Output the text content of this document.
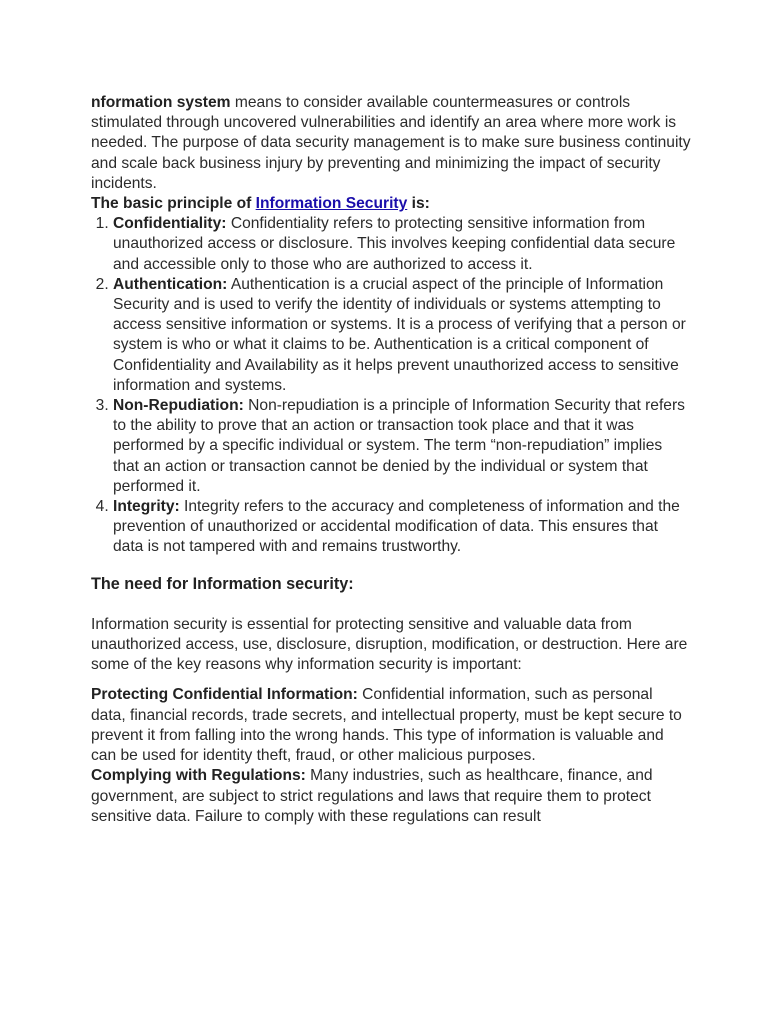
nformation system means to consider available countermeasures or controls stimulated through uncovered vulnerabilities and identify an area where more work is needed. The purpose of data security management is to make sure business continuity and scale back business injury by preventing and minimizing the impact of security incidents.

The basic principle of Information Security is:

1. Confidentiality: Confidentiality refers to protecting sensitive information from unauthorized access or disclosure. This involves keeping confidential data secure and accessible only to those who are authorized to access it.
2. Authentication: Authentication is a crucial aspect of the principle of Information Security and is used to verify the identity of individuals or systems attempting to access sensitive information or systems. It is a process of verifying that a person or system is who or what it claims to be. Authentication is a critical component of Confidentiality and Availability as it helps prevent unauthorized access to sensitive information and systems.
3. Non-Repudiation: Non-repudiation is a principle of Information Security that refers to the ability to prove that an action or transaction took place and that it was performed by a specific individual or system. The term “non-repudiation” implies that an action or transaction cannot be denied by the individual or system that performed it.
4. Integrity: Integrity refers to the accuracy and completeness of information and the prevention of unauthorized or accidental modification of data. This ensures that data is not tampered with and remains trustworthy.
The need for Information security:

Information security is essential for protecting sensitive and valuable data from unauthorized access, use, disclosure, disruption, modification, or destruction. Here are some of the key reasons why information security is important:

Protecting Confidential Information: Confidential information, such as personal data, financial records, trade secrets, and intellectual property, must be kept secure to prevent it from falling into the wrong hands. This type of information is valuable and can be used for identity theft, fraud, or other malicious purposes.

Complying with Regulations: Many industries, such as healthcare, finance, and government, are subject to strict regulations and laws that require them to protect sensitive data. Failure to comply with these regulations can result
